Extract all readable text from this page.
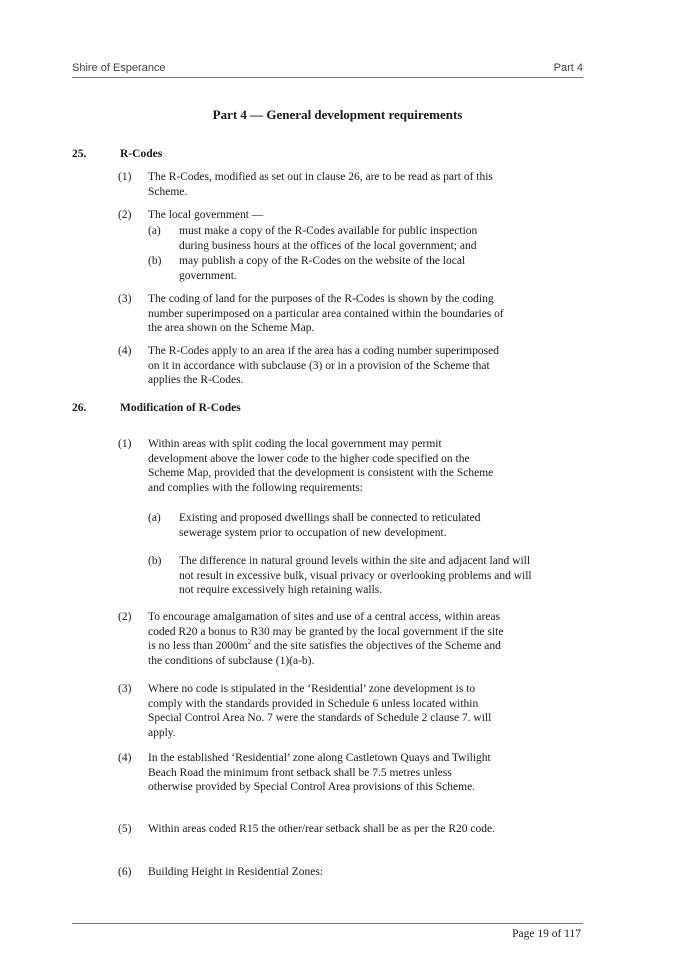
Shire of Esperance	Part 4
Part 4 — General development requirements
25.	R-Codes
(1) The R-Codes, modified as set out in clause 26, are to be read as part of this Scheme.
(2) The local government —
(a) must make a copy of the R-Codes available for public inspection during business hours at the offices of the local government; and
(b) may publish a copy of the R-Codes on the website of the local government.
(3) The coding of land for the purposes of the R-Codes is shown by the coding number superimposed on a particular area contained within the boundaries of the area shown on the Scheme Map.
(4) The R-Codes apply to an area if the area has a coding number superimposed on it in accordance with subclause (3) or in a provision of the Scheme that applies the R-Codes.
26.	Modification of R-Codes
(1) Within areas with split coding the local government may permit development above the lower code to the higher code specified on the Scheme Map, provided that the development is consistent with the Scheme and complies with the following requirements:
(a) Existing and proposed dwellings shall be connected to reticulated sewerage system prior to occupation of new development.
(b) The difference in natural ground levels within the site and adjacent land will not result in excessive bulk, visual privacy or overlooking problems and will not require excessively high retaining walls.
(2) To encourage amalgamation of sites and use of a central access, within areas coded R20 a bonus to R30 may be granted by the local government if the site is no less than $2000m^2$ and the site satisfies the objectives of the Scheme and the conditions of subclause (1)(a-b).
(3) Where no code is stipulated in the ‘Residential’ zone development is to comply with the standards provided in Schedule 6 unless located within Special Control Area No. 7 were the standards of Schedule 2 clause 7. will apply.
(4) In the established ‘Residential’ zone along Castletown Quays and Twilight Beach Road the minimum front setback shall be 7.5 metres unless otherwise provided by Special Control Area provisions of this Scheme.
(5) Within areas coded R15 the other/rear setback shall be as per the R20 code.
(6) Building Height in Residential Zones:
Page 19 of 117
